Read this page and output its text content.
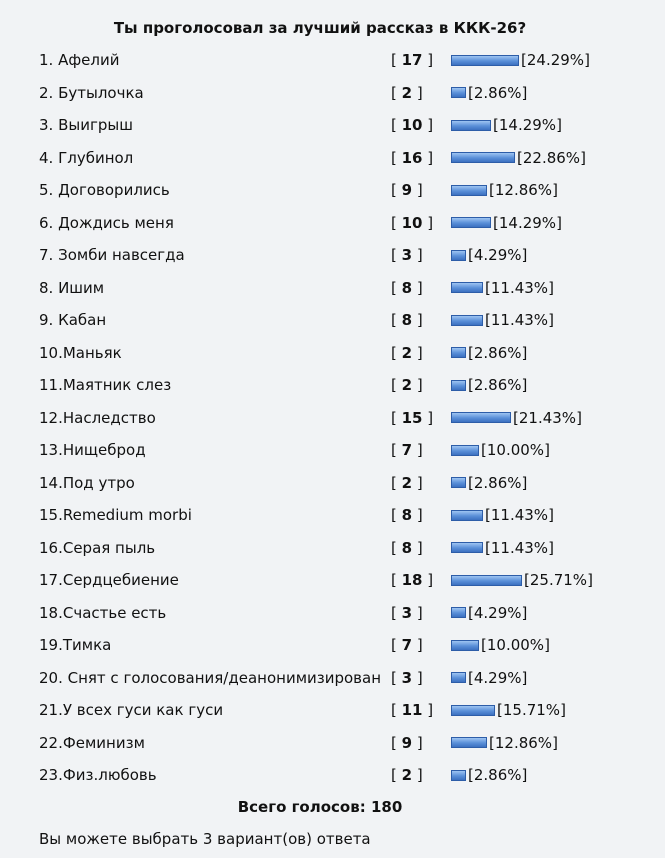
Ты проголосовал за лучший рассказ в ККК-26?
1. Афелий	[ 17 ]	[24.29%]
2. Бутылочка	[ 2 ]	[2.86%]
3. Выигрыш	[ 10 ]	[14.29%]
4. Глубинол	[ 16 ]	[22.86%]
5. Договорились	[ 9 ]	[12.86%]
6. Дождись меня	[ 10 ]	[14.29%]
7. Зомби навсегда	[ 3 ]	[4.29%]
8. Ишим	[ 8 ]	[11.43%]
9. Кабан	[ 8 ]	[11.43%]
10.Маньяк	[ 2 ]	[2.86%]
11.Маятник слез	[ 2 ]	[2.86%]
12.Наследство	[ 15 ]	[21.43%]
13.Нищеброд	[ 7 ]	[10.00%]
14.Под утро	[ 2 ]	[2.86%]
15.Remedium morbi	[ 8 ]	[11.43%]
16.Серая пыль	[ 8 ]	[11.43%]
17.Сердцебиение	[ 18 ]	[25.71%]
18.Счастье есть	[ 3 ]	[4.29%]
19.Тимка	[ 7 ]	[10.00%]
20. Снят с голосования/деанонимизирован [ 3 ]	[4.29%]
21.У всех гуси как гуси	[ 11 ]	[15.71%]
22.Феминизм	[ 9 ]	[12.86%]
23.Физ.любовь	[ 2 ]	[2.86%]
Всего голосов: 180
Вы можете выбрать 3 вариант(ов) ответа
